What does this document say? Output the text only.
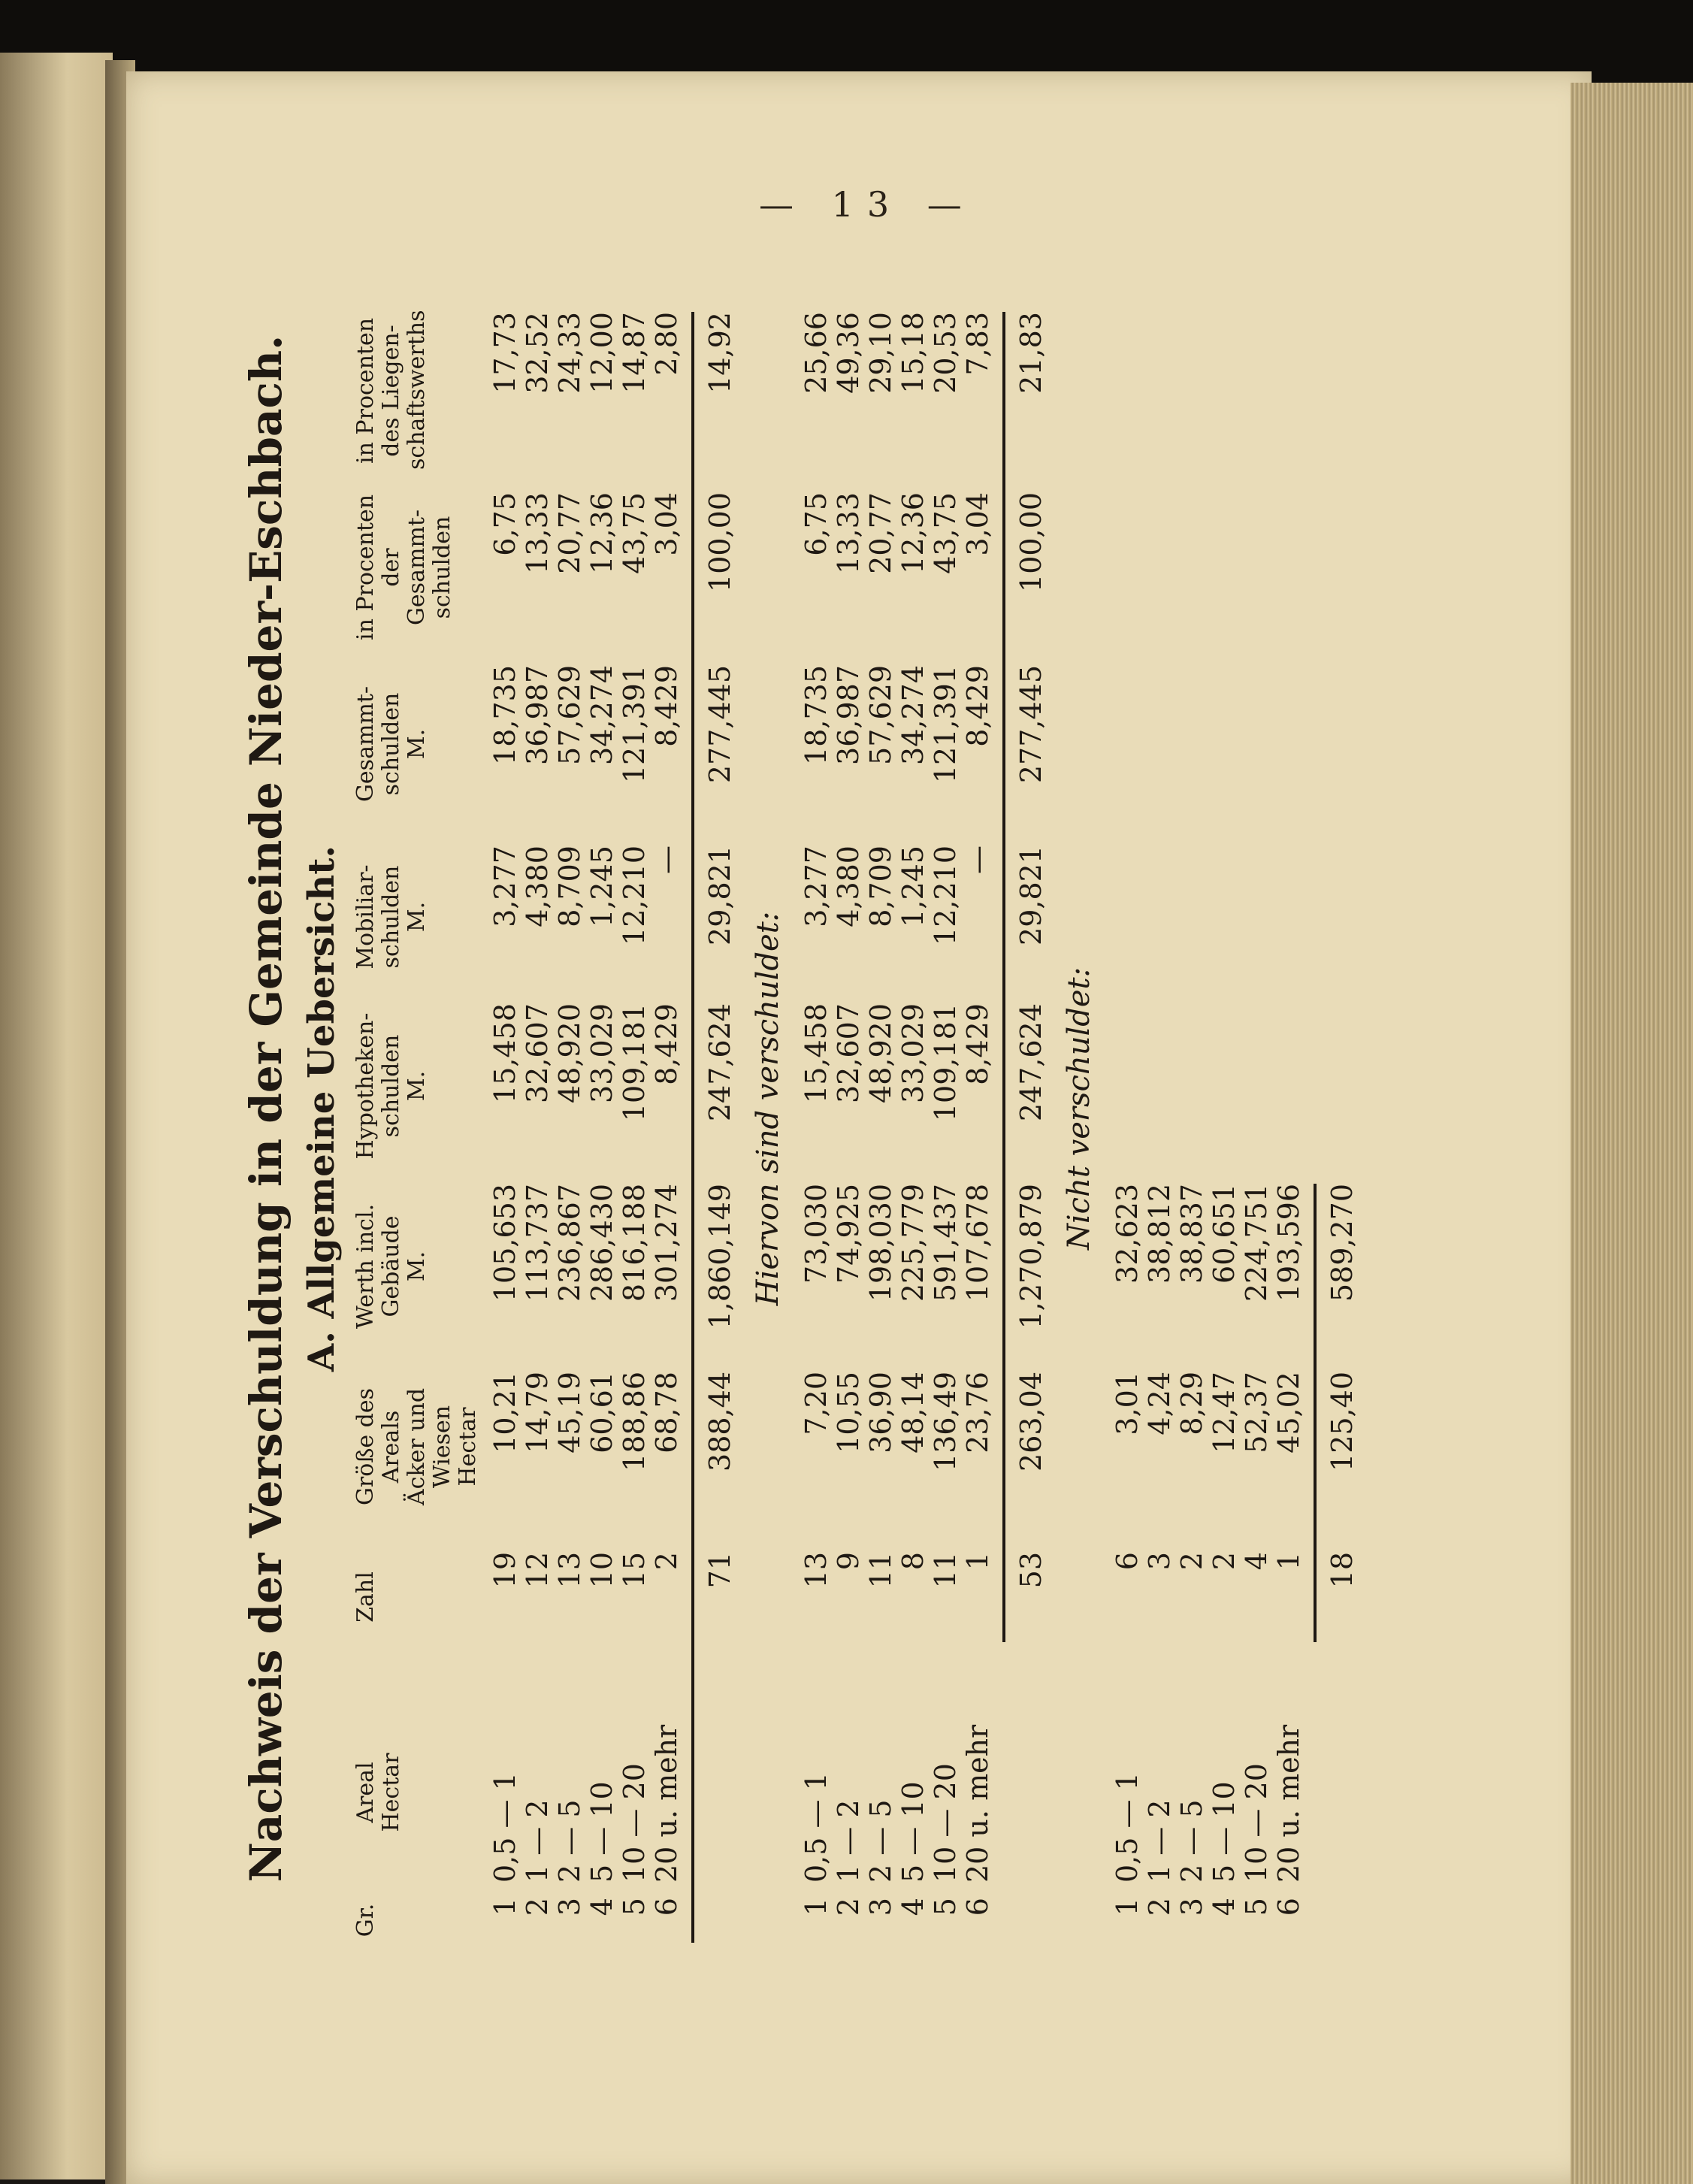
— 13 —
Nachweis der Verschuldung in der Gemeinde Nieder-Eschbach. A. Allgemeine Uebersicht.
Gr.
Areal Hectar
Zahl
Größe des Areals Äcker und Wiesen Hectar
Werth incl. Gebäude M.
Hypotheken- schulden M.
Mobiliar- schulden M.
Gesammt- schulden M.
in Procenten der Gesammt- schulden
in Procenten des Liegen- schaftswerths
1
0,5 — 1
19
10,21
105,653
15,458
3,277
18,735
6,75
17,73
2
1 — 2
12
14,79
113,737
32,607
4,380
36,987
13,33
32,52
3
2 — 5
13
45,19
236,867
48,920
8,709
57,629
20,77
24,33
4
5 — 10
10
60,61
286,430
33,029
1,245
34,274
12,36
12,00
5
10 — 20
15
188,86
816,188
109,181
12,210
121,391
43,75
14,87
6
20 u. mehr
2
68,78
301,274
8,429
—
8,429
3,04
2,80
71
388,44
1,860,149
247,624
29,821
277,445
100,00
14,92
Hiervon sind verschuldet:
1
0,5 — 1
13
7,20
73,030
15,458
3,277
18,735
6,75
25,66
2
1 — 2
9
10,55
74,925
32,607
4,380
36,987
13,33
49,36
3
2 — 5
11
36,90
198,030
48,920
8,709
57,629
20,77
29,10
4
5 — 10
8
48,14
225,779
33,029
1,245
34,274
12,36
15,18
5
10 — 20
11
136,49
591,437
109,181
12,210
121,391
43,75
20,53
6
20 u. mehr
1
23,76
107,678
8,429
—
8,429
3,04
7,83
53
263,04
1,270,879
247,624
29,821
277,445
100,00
21,83
Nicht verschuldet:
1
0,5 — 1
6
3,01
32,623
2
1 — 2
3
4,24
38,812
3
2 — 5
2
8,29
38,837
4
5 — 10
2
12,47
60,651
5
10 — 20
4
52,37
224,751
6
20 u. mehr
1
45,02
193,596
18
125,40
589,270
